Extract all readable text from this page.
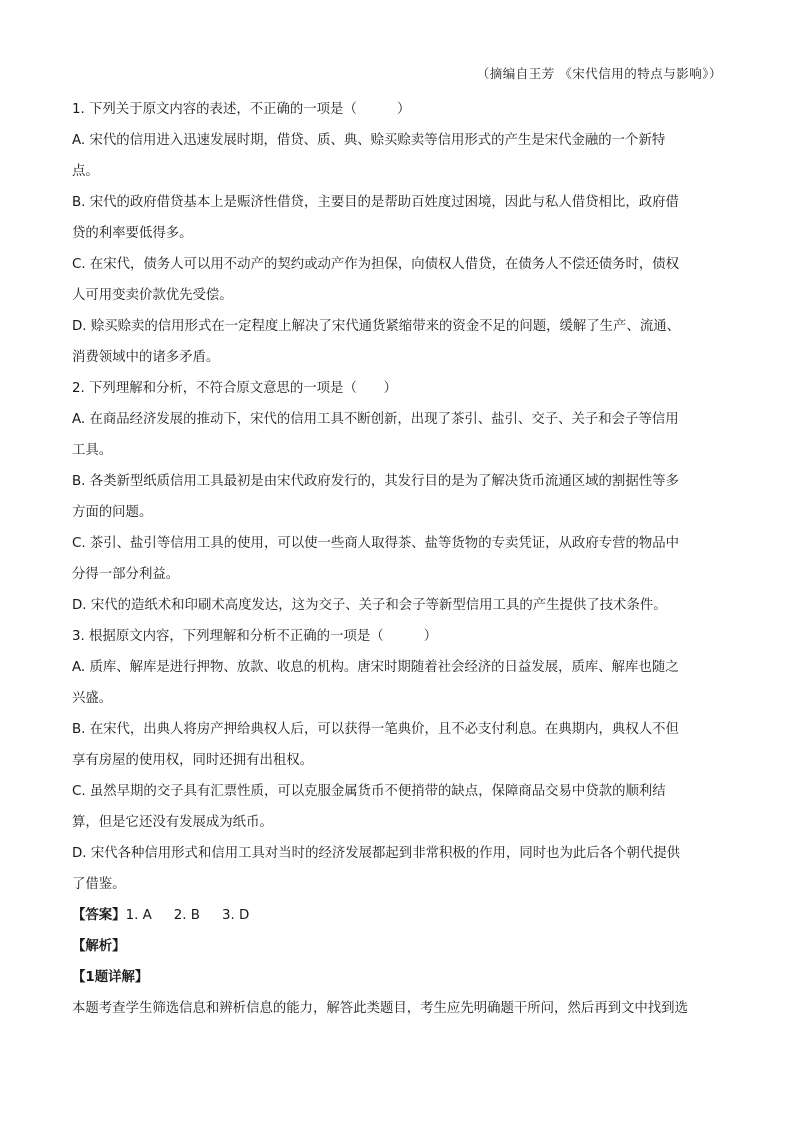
（摘编自王芳 《宋代信用的特点与影响》）
1. 下列关于原文内容的表述，不正确的一项是（　　　）
A. 宋代的信用进入迅速发展时期，借贷、质、典、赊买赊卖等信用形式的产生是宋代金融的一个新特
点。
B. 宋代的政府借贷基本上是赈济性借贷，主要目的是帮助百姓度过困境，因此与私人借贷相比，政府借
贷的利率要低得多。
C. 在宋代，债务人可以用不动产的契约或动产作为担保，向债权人借贷，在债务人不偿还债务时，债权
人可用变卖价款优先受偿。
D. 赊买赊卖的信用形式在一定程度上解决了宋代通货紧缩带来的资金不足的问题，缓解了生产、流通、
消费领域中的诸多矛盾。
2. 下列理解和分析，不符合原文意思的一项是（　　）
A. 在商品经济发展的推动下，宋代的信用工具不断创新，出现了茶引、盐引、交子、关子和会子等信用
工具。
B. 各类新型纸质信用工具最初是由宋代政府发行的，其发行目的是为了解决货币流通区域的割据性等多
方面的问题。
C. 茶引、盐引等信用工具的使用，可以使一些商人取得茶、盐等货物的专卖凭证，从政府专营的物品中
分得一部分利益。
D. 宋代的造纸术和印刷术高度发达，这为交子、关子和会子等新型信用工具的产生提供了技术条件。
3. 根据原文内容，下列理解和分析不正确的一项是（　　　）
A. 质库、解库是进行押物、放款、收息的机构。唐宋时期随着社会经济的日益发展，质库、解库也随之
兴盛。
B. 在宋代，出典人将房产押给典权人后，可以获得一笔典价，且不必支付利息。在典期内，典权人不但
享有房屋的使用权，同时还拥有出租权。
C. 虽然早期的交子具有汇票性质，可以克服金属货币不便捎带的缺点，保障商品交易中贷款的顺利结
算，但是它还没有发展成为纸币。
D. 宋代各种信用形式和信用工具对当时的经济发展都起到非常积极的作用，同时也为此后各个朝代提供
了借鉴。
【答案】1. A 2. B 3. D
【解析】
【1题详解】
本题考查学生筛选信息和辨析信息的能力，解答此类题目，考生应先明确题干所问，然后再到文中找到选
